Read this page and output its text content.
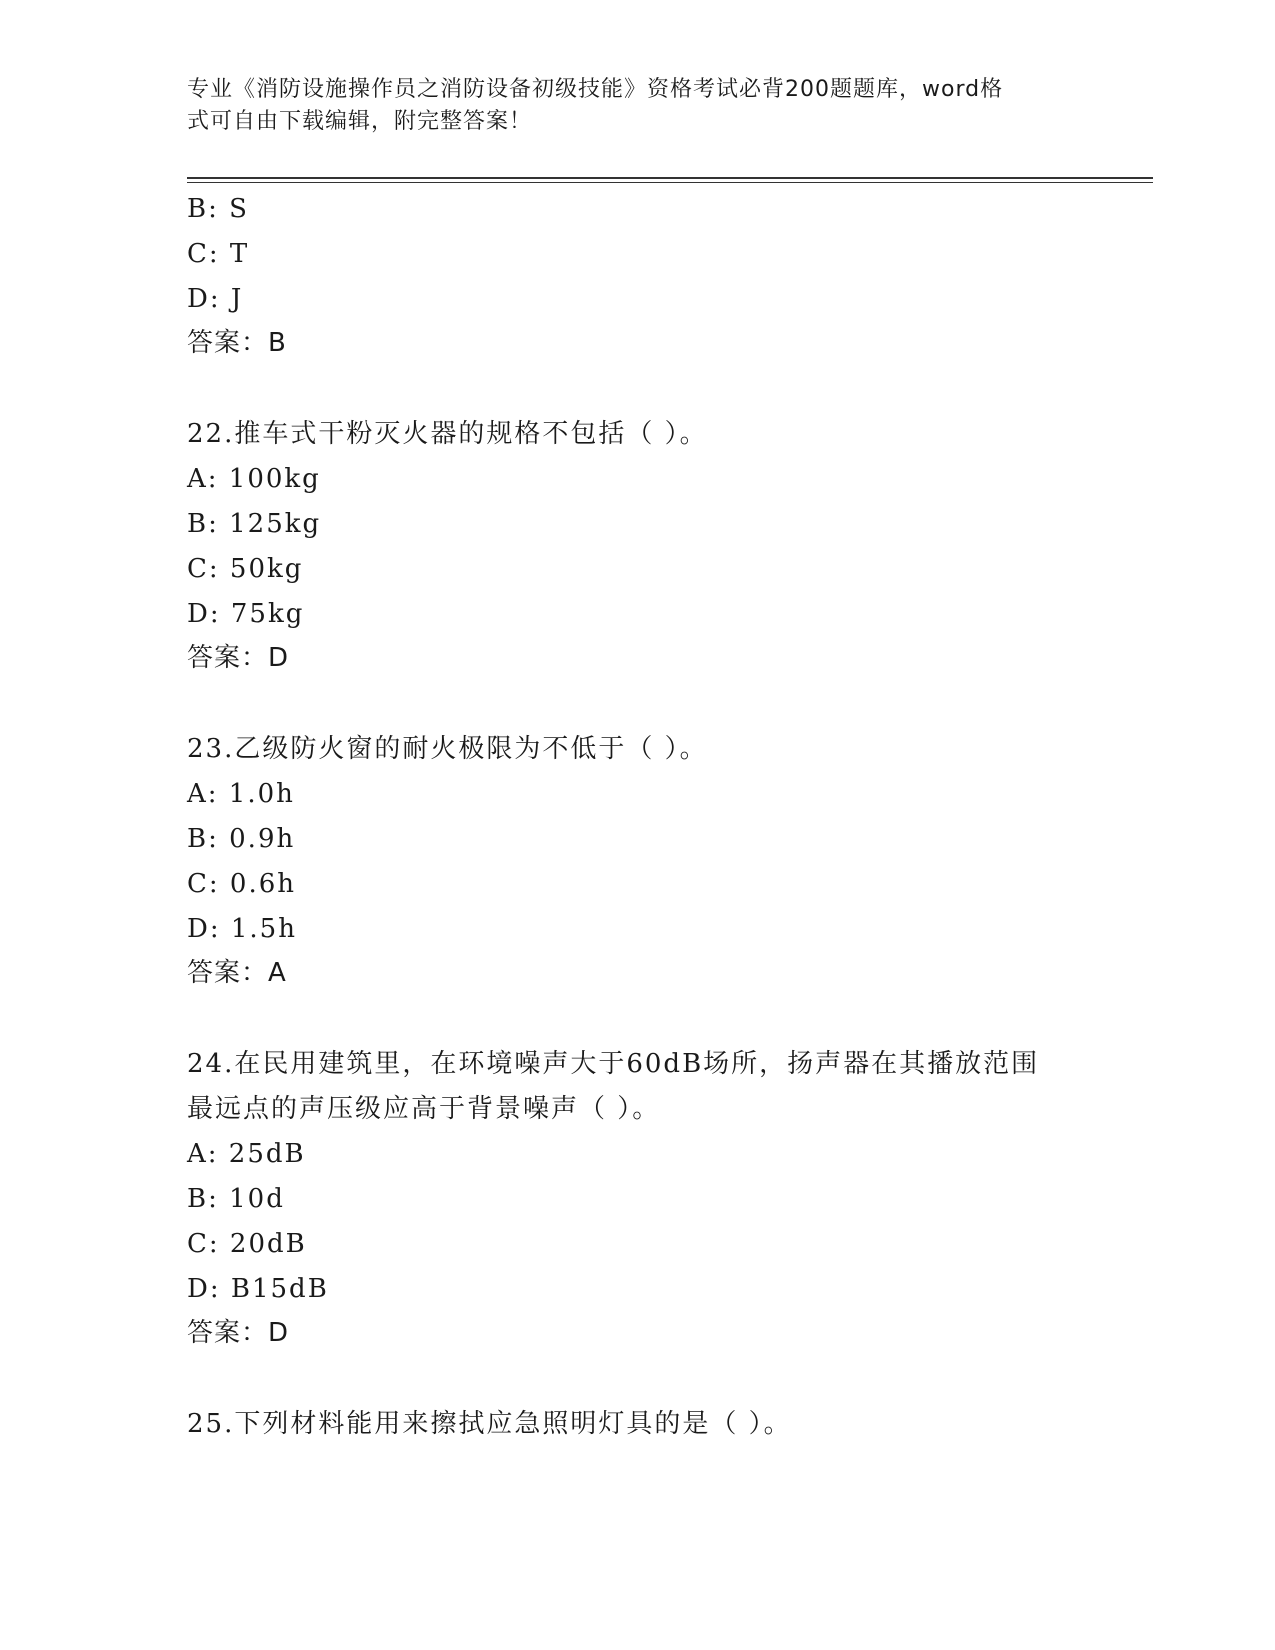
专业《消防设施操作员之消防设备初级技能》资格考试必背200题题库，word格
式可自由下载编辑，附完整答案！
B: S
C: T
D: J
答案：B
22.推车式干粉灭火器的规格不包括（ ）。
A: 100kg
B: 125kg
C: 50kg
D: 75kg
答案：D
23.乙级防火窗的耐火极限为不低于（ ）。
A: 1.0h
B: 0.9h
C: 0.6h
D: 1.5h
答案：A
24.在民用建筑里，在环境噪声大于60dB场所，扬声器在其播放范围
最远点的声压级应高于背景噪声（ ）。
A: 25dB
B: 10d
C: 20dB
D: B15dB
答案：D
25.下列材料能用来擦拭应急照明灯具的是（ ）。
